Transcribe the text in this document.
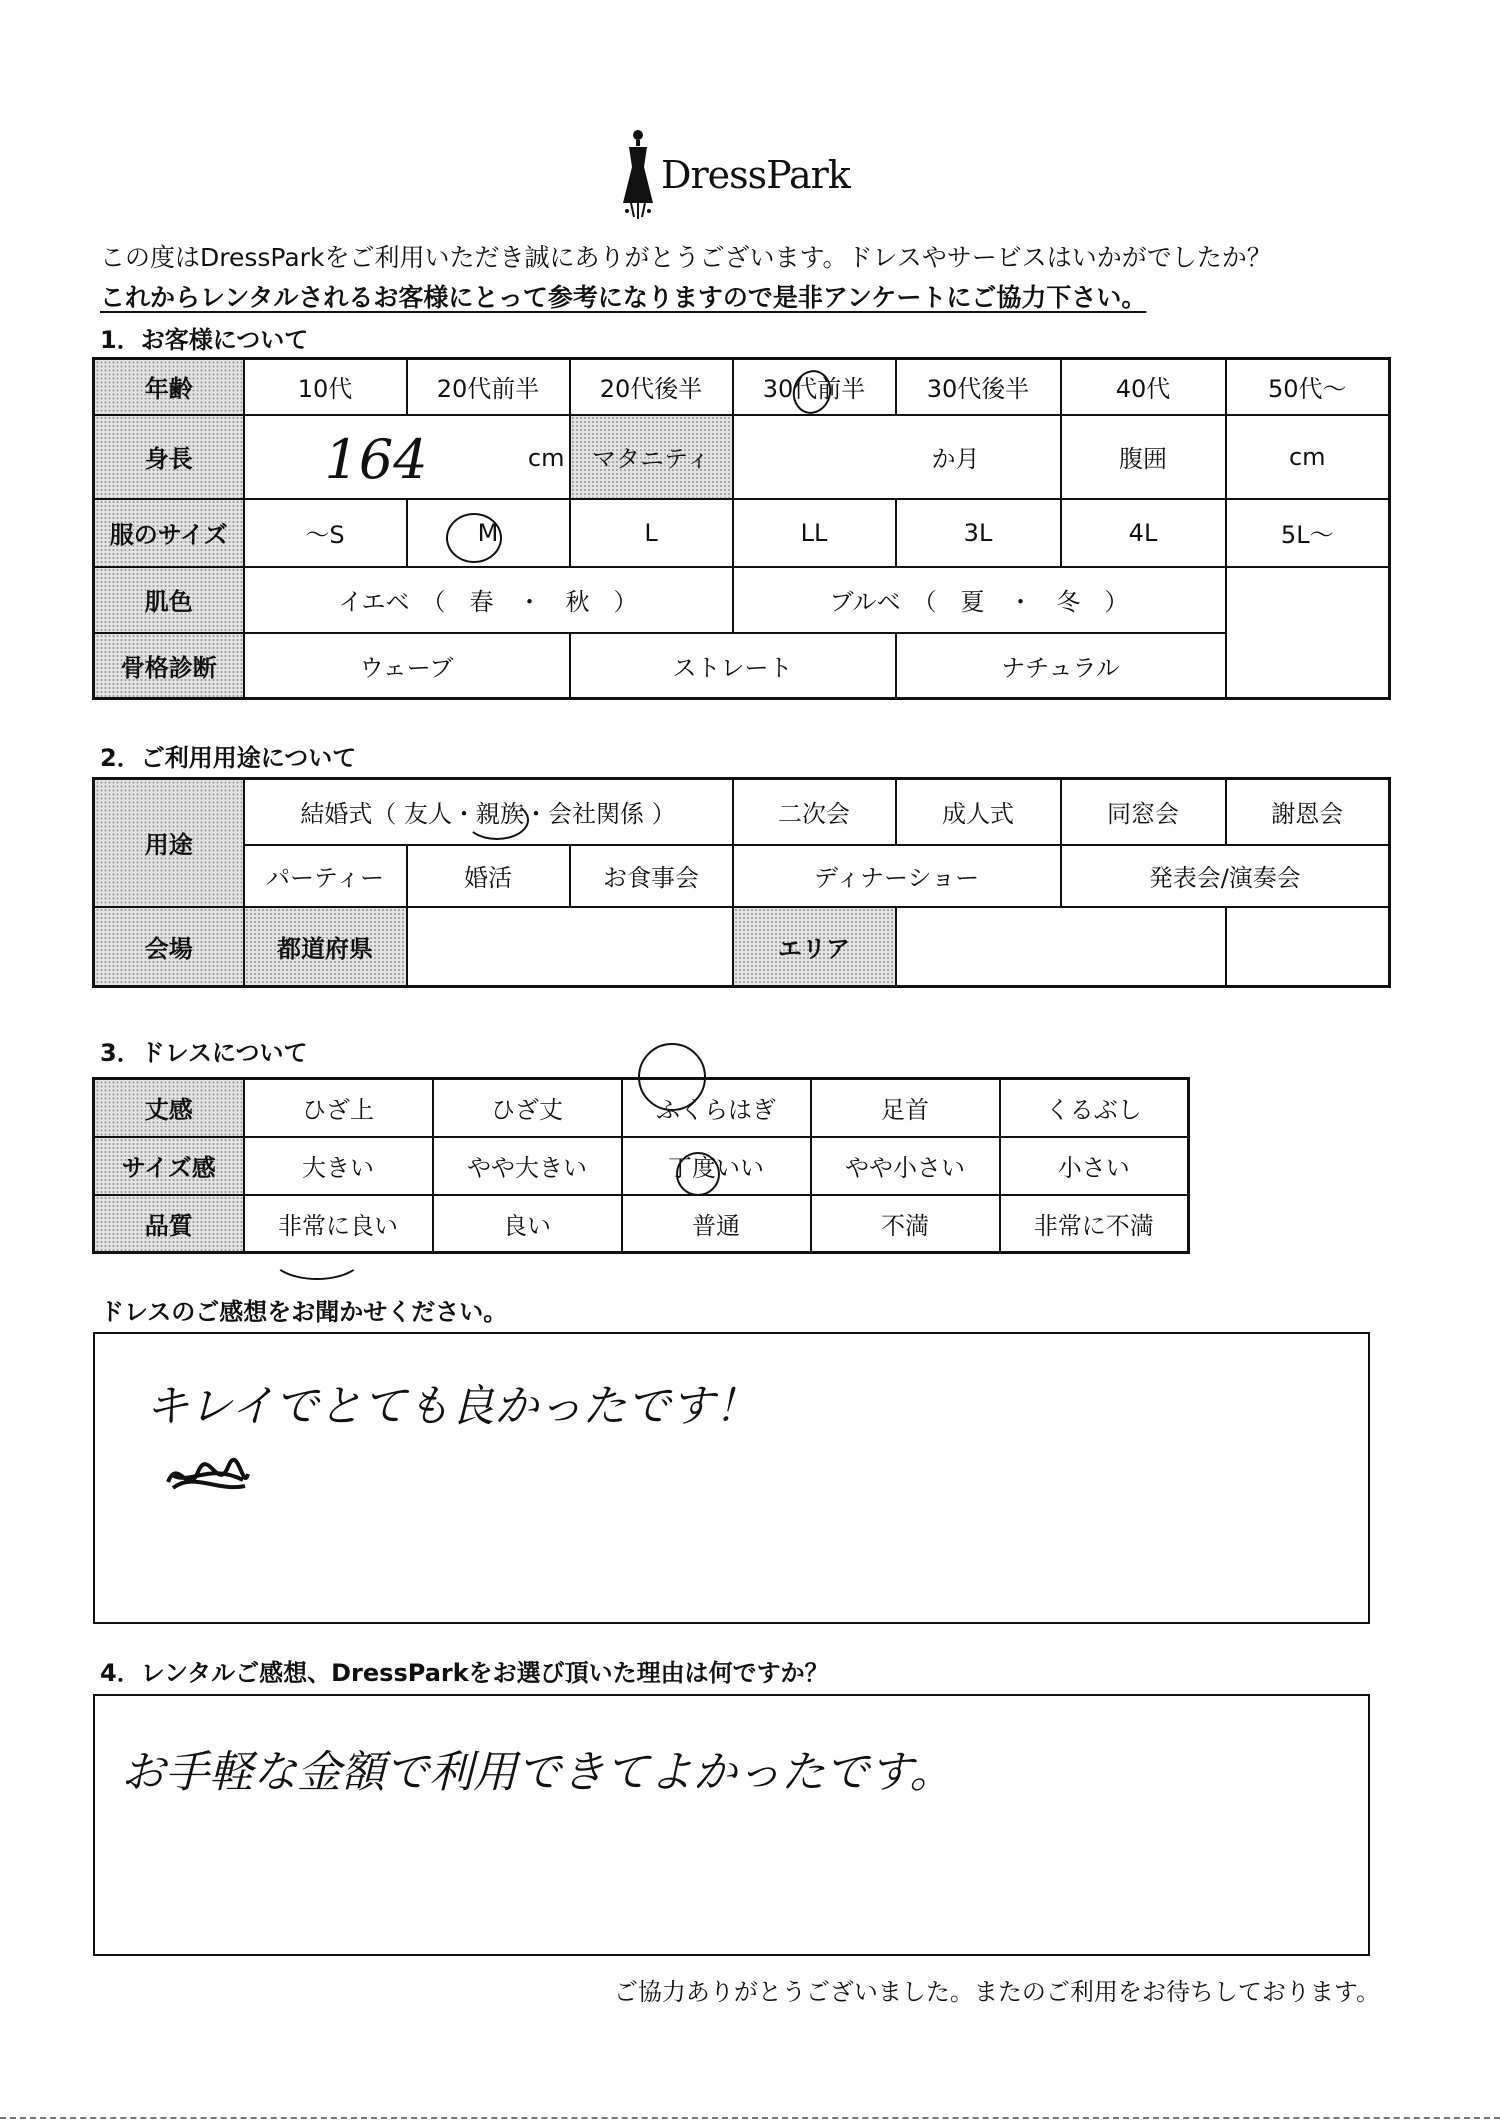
DressPark
この度はDressParkをご利用いただき誠にありがとうございます。ドレスやサービスはいかがでしたか？
これからレンタルされるお客様にとって参考になりますので是非アンケートにご協力下さい。
1．お客様について
年齢	10代	20代前半	20代後半	30代前半	30代後半	40代	50代～
身長	164 cm		マタニティ	か月		腹囲	cm
服のサイズ	～S	M	L	LL	3L	4L	5L～
肌色	イエベ　（　春　・　秋　）			ブルベ　（　夏　・　冬　）			
骨格診断	ウェーブ		ストレート		ナチュラル		
2．ご利用用途について
用途	結婚式（ 友人・親族・会社関係 ）			二次会	成人式	同窓会	謝恩会
	パーティー	婚活	お食事会	ディナーショー		発表会/演奏会	
会場	都道府県			エリア			
3．ドレスについて
丈感	ひざ上	ひざ丈	ふくらはぎ	足首	くるぶし
サイズ感	大きい	やや大きい	丁度いい	やや小さい	小さい
品質	非常に良い	良い	普通	不満	非常に不満
ドレスのご感想をお聞かせください。
キレイでとても良かったです！
4．レンタルご感想、DressParkをお選び頂いた理由は何ですか？
お手軽な金額で利用できてよかったです。
ご協力ありがとうございました。またのご利用をお待ちしております。
